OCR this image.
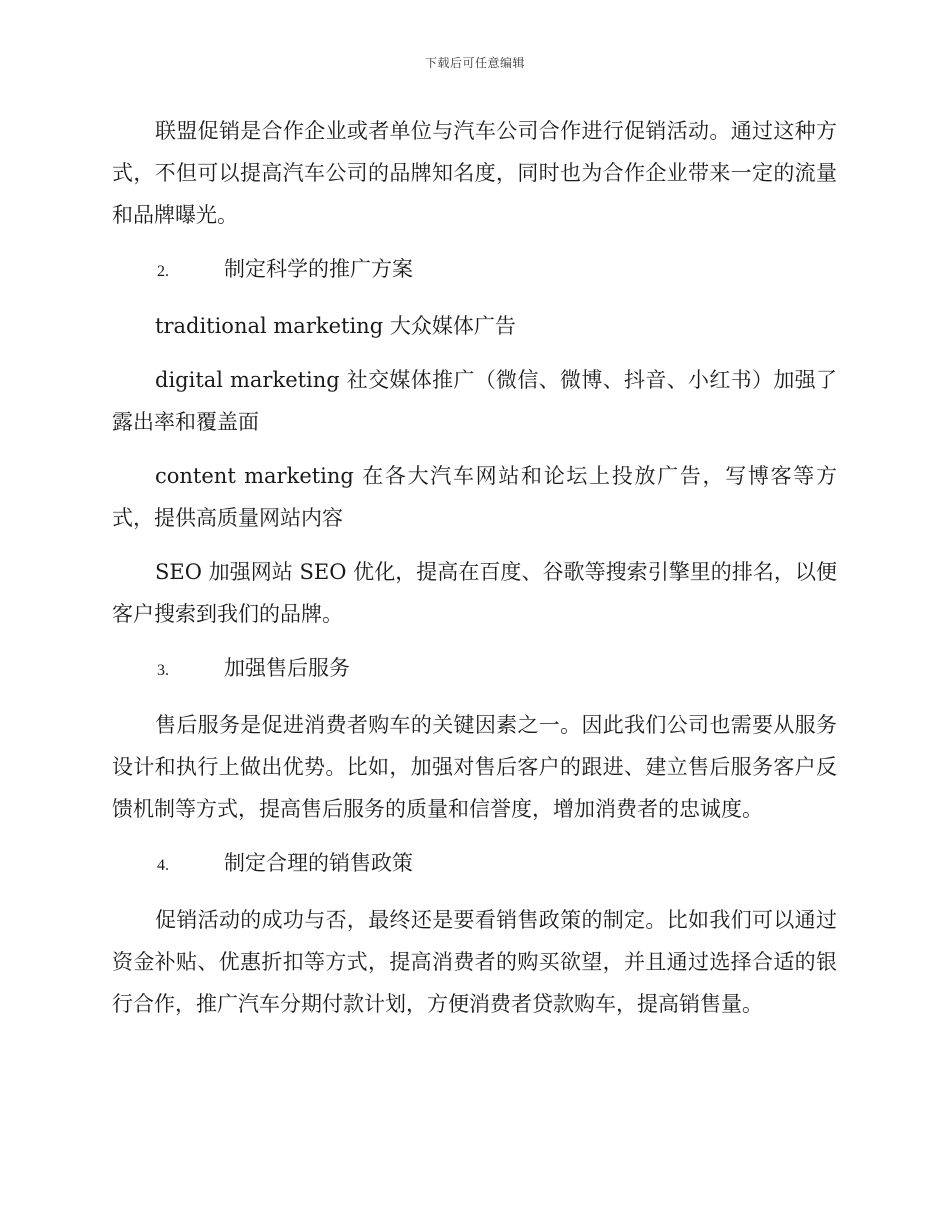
下载后可任意编辑

联盟促销是合作企业或者单位与汽车公司合作进行促销活动。通过这种方式，不但可以提高汽车公司的品牌知名度，同时也为合作企业带来一定的流量和品牌曝光。

2.	制定科学的推广方案

traditional marketing 大众媒体广告

digital marketing 社交媒体推广（微信、微博、抖音、小红书）加强了露出率和覆盖面

content marketing 在各大汽车网站和论坛上投放广告，写博客等方式，提供高质量网站内容

SEO 加强网站 SEO 优化，提高在百度、谷歌等搜索引擎里的排名，以便客户搜索到我们的品牌。

3.	加强售后服务

售后服务是促进消费者购车的关键因素之一。因此我们公司也需要从服务设计和执行上做出优势。比如，加强对售后客户的跟进、建立售后服务客户反馈机制等方式，提高售后服务的质量和信誉度，增加消费者的忠诚度。

4.	制定合理的销售政策

促销活动的成功与否，最终还是要看销售政策的制定。比如我们可以通过资金补贴、优惠折扣等方式，提高消费者的购买欲望，并且通过选择合适的银行合作，推广汽车分期付款计划，方便消费者贷款购车，提高销售量。
